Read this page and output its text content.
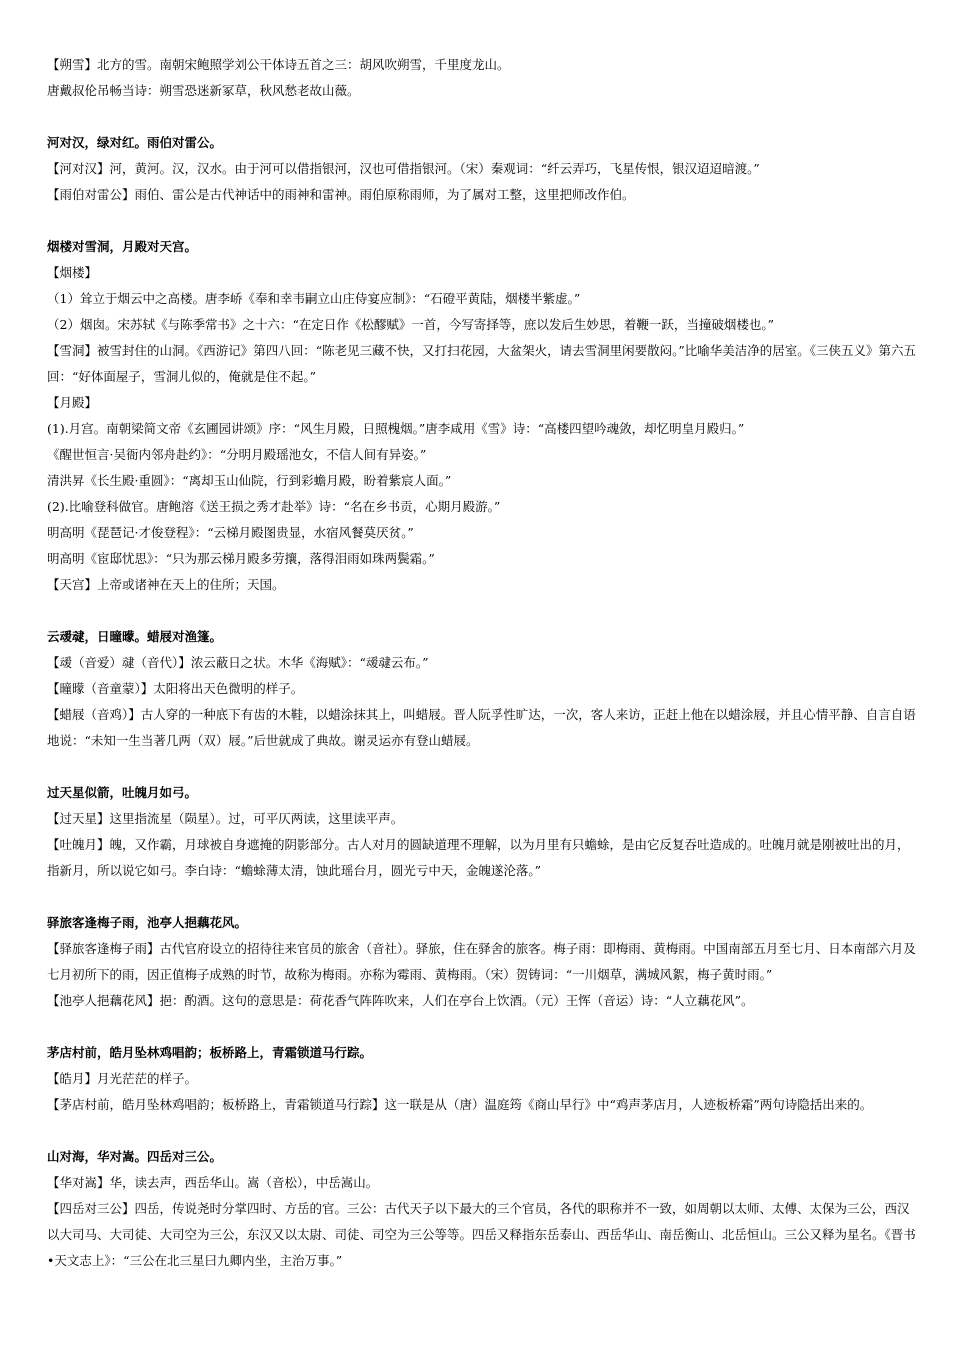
【朔雪】北方的雪。南朝宋鲍照学刘公干体诗五首之三：胡风吹朔雪，千里度龙山。

唐戴叔伦吊畅当诗：朔雪恐迷新冢草，秋风愁老故山薇。

河对汉，绿对红。雨伯对雷公。

【河对汉】河，黄河。汉，汉水。由于河可以借指银河，汉也可借指银河。（宋）秦观词：“纤云弄巧，飞星传恨，银汉迢迢暗渡。”

【雨伯对雷公】雨伯、雷公是古代神话中的雨神和雷神。雨伯原称雨师，为了属对工整，这里把师改作伯。

烟楼对雪洞，月殿对天宫。

【烟楼】

（1）耸立于烟云中之高楼。唐李峤《奉和幸韦嗣立山庄侍宴应制》：“石磴平黄陆，烟楼半紫虚。”

（2）烟囱。宋苏轼《与陈季常书》之十六：“在定日作《松醪赋》一首，今写寄择等，庶以发后生妙思，着鞭一跃，当撞破烟楼也。”

【雪洞】被雪封住的山洞。《西游记》第四八回：“陈老见三藏不快，又打扫花园，大盆架火，请去雪洞里闲要散闷。”比喻华美洁净的居室。《三侠五义》第六五回：“好体面屋子，雪洞儿似的，俺就是住不起。”

【月殿】

(1).月宫。南朝梁简文帝《玄圃园讲颂》序：“风生月殿，日照槐烟。”唐李咸用《雪》诗：“高楼四望吟魂敛，却忆明皇月殿归。”

《醒世恒言·吴衙内邻舟赴约》：“分明月殿瑶池女，不信人间有异姿。”

清洪昇《长生殿·重圆》：“离却玉山仙院，行到彩蟾月殿，盼着紫宸人面。”

(2).比喻登科做官。唐鲍溶《送王损之秀才赴举》诗：“名在乡书贡，心期月殿游。”

明高明《琵琶记·才俊登程》：“云梯月殿图贵显，水宿风餐莫厌贫。”

明高明《宦邸忧思》：“只为那云梯月殿多劳攘，落得泪雨如珠两鬓霜。”

【天宫】上帝或诸神在天上的住所；天国。

云叆叇，日曈曚。蜡屐对渔篷。

【叆（音爱）叇（音代）】浓云蔽日之状。木华《海赋》：“叆叇云布。”

【曈曚（音童蒙）】太阳将出天色微明的样子。

【蜡屐（音鸡）】古人穿的一种底下有齿的木鞋，以蜡涂抹其上，叫蜡屐。晋人阮孚性旷达，一次，客人来访，正赶上他在以蜡涂屐，并且心情平静、自言自语地说：“未知一生当著几两（双）屐。”后世就成了典故。谢灵运亦有登山蜡屐。

过天星似箭，吐魄月如弓。

【过天星】这里指流星（陨星）。过，可平仄两读，这里读平声。

【吐魄月】魄，又作霸，月球被自身遮掩的阴影部分。古人对月的圆缺道理不理解，以为月里有只蟾蜍，是由它反复吞吐造成的。吐魄月就是刚被吐出的月，指新月，所以说它如弓。李白诗：“蟾蜍薄太清，蚀此瑶台月，圆光亏中天，金魄遂沦落。”

驿旅客逢梅子雨，池亭人挹藕花风。

【驿旅客逢梅子雨】古代官府设立的招待往来官员的旅舍（音社）。驿旅，住在驿舍的旅客。梅子雨：即梅雨、黄梅雨。中国南部五月至七月、日本南部六月及七月初所下的雨，因正值梅子成熟的时节，故称为梅雨。亦称为霉雨、黄梅雨。（宋）贺铸词：“一川烟草，满城风絮，梅子黄时雨。”

【池亭人挹藕花风】挹：酌酒。这句的意思是：荷花香气阵阵吹来，人们在亭台上饮酒。（元）王恽（音运）诗：“人立藕花风”。

茅店村前，皓月坠林鸡唱韵；板桥路上，青霜锁道马行踪。

【皓月】月光茫茫的样子。

【茅店村前，皓月坠林鸡唱韵；板桥路上，青霜锁道马行踪】这一联是从（唐）温庭筠《商山早行》中“鸡声茅店月，人迹板桥霜”两句诗隐括出来的。

山对海，华对嵩。四岳对三公。

【华对嵩】华，读去声，西岳华山。嵩（音松），中岳嵩山。

【四岳对三公】四岳，传说尧时分掌四时、方岳的官。三公：古代天子以下最大的三个官员，各代的职称并不一致，如周朝以太师、太傅、太保为三公，西汉以大司马、大司徒、大司空为三公，东汉又以太尉、司徒、司空为三公等等。四岳又释指东岳泰山、西岳华山、南岳衡山、北岳恒山。三公又释为星名。《晋书•天文志上》：“三公在北三星曰九卿内坐，主治万事。”
